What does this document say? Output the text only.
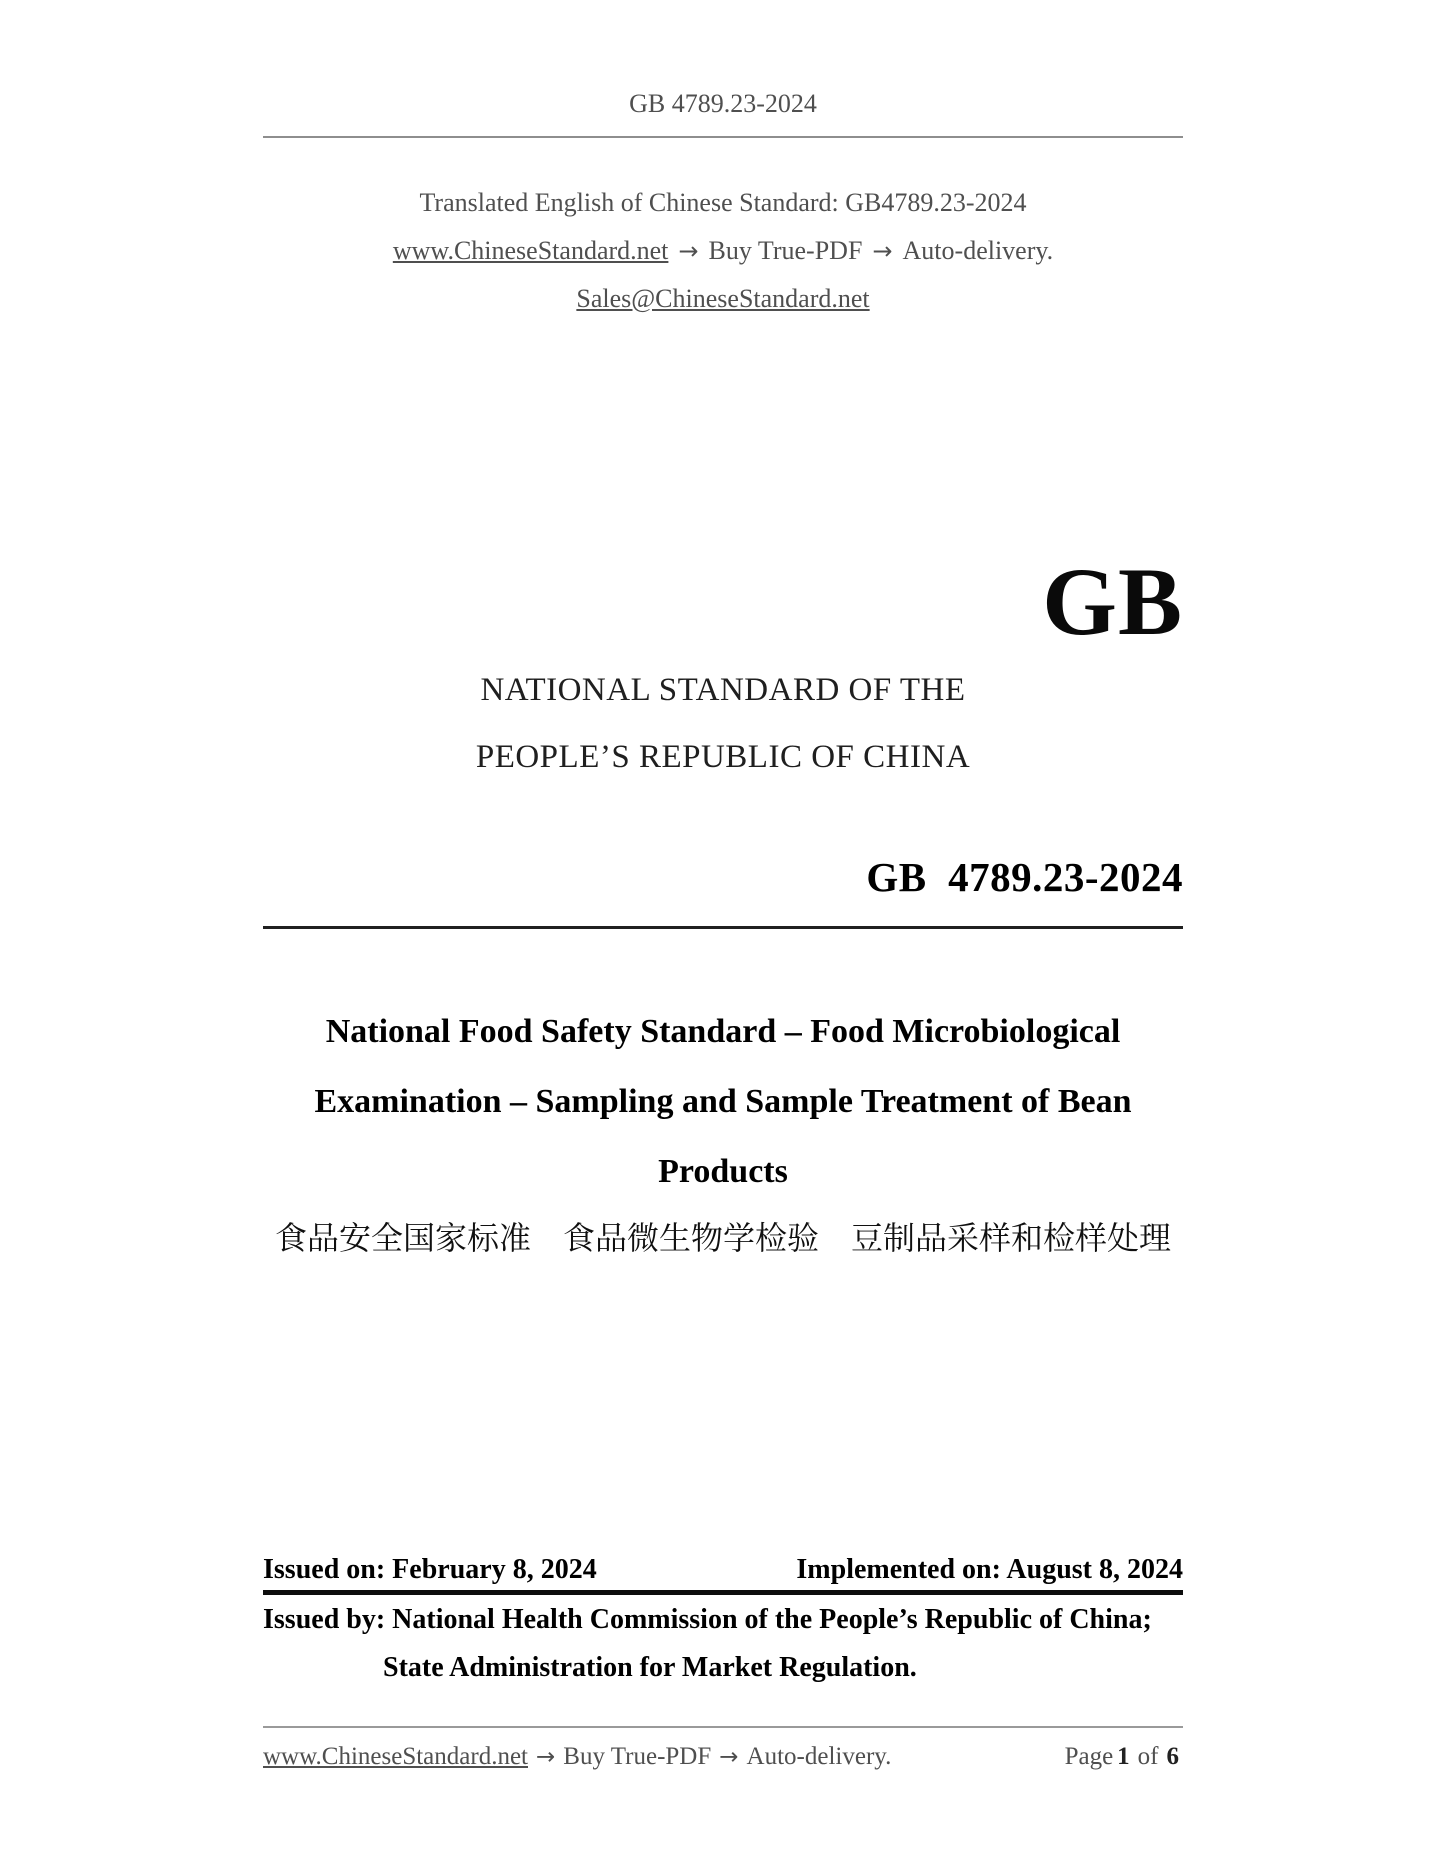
GB 4789.23-2024
Translated English of Chinese Standard: GB4789.23-2024
www.ChineseStandard.net → Buy True-PDF → Auto-delivery.
Sales@ChineseStandard.net
GB
NATIONAL STANDARD OF THE
PEOPLE’S REPUBLIC OF CHINA
GB  4789.23-2024
National Food Safety Standard – Food Microbiological
Examination – Sampling and Sample Treatment of Bean
Products
食品安全国家标准　食品微生物学检验　豆制品采样和检样处理
Issued on: February 8, 2024	Implemented on: August 8, 2024
Issued by: National Health Commission of the People’s Republic of China;
State Administration for Market Regulation.
www.ChineseStandard.net → Buy True-PDF → Auto-delivery.	Page 1 of 6
